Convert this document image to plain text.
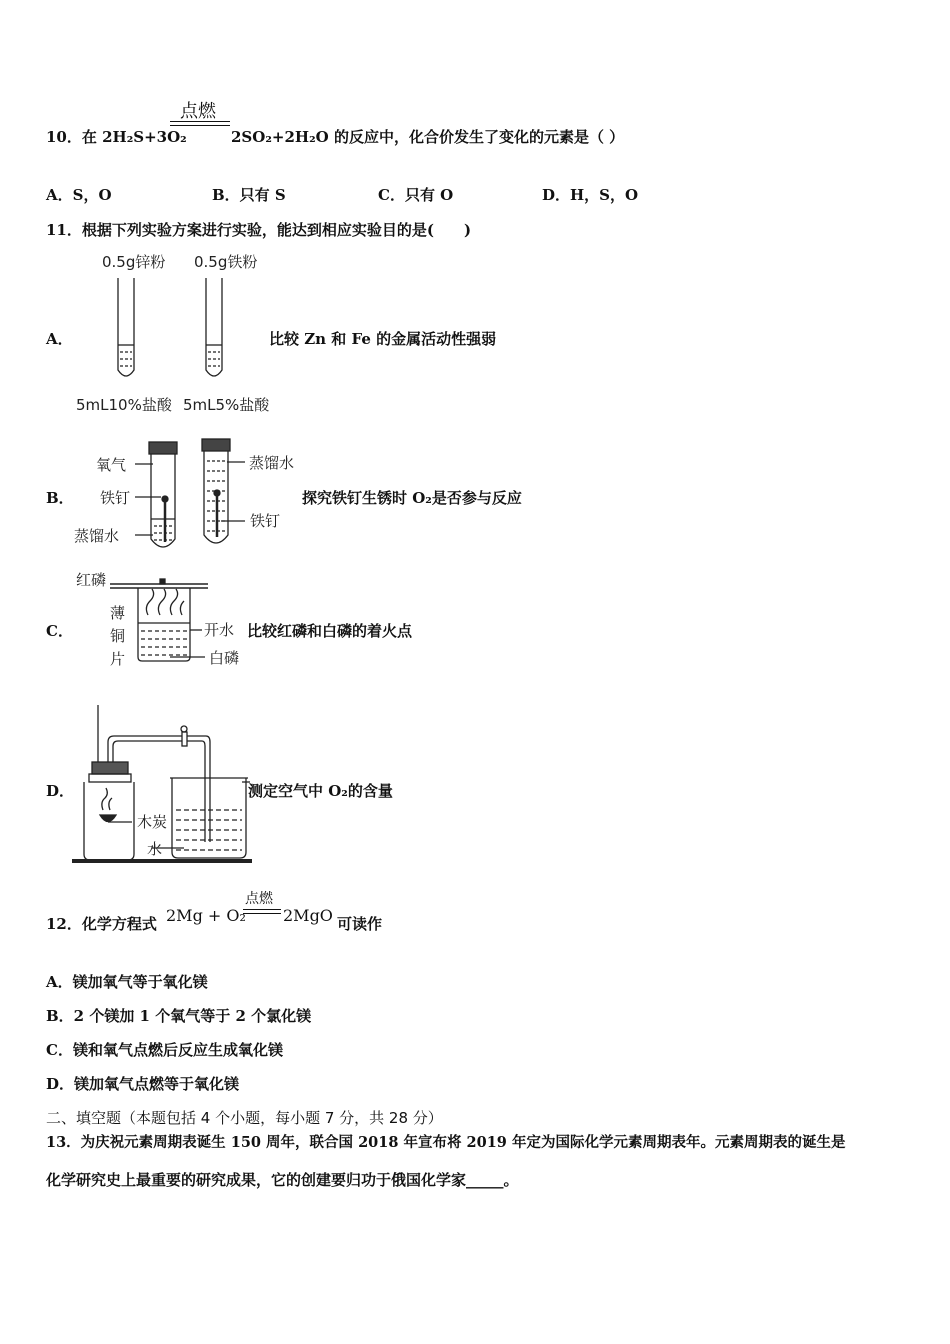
点燃
10．在 2H₂S+3O₂	2SO₂+2H₂O 的反应中，化合价发生了变化的元素是（ ）
A．S，O	B．只有 S	C．只有 O	D．H，S，O
11．根据下列实验方案进行实验，能达到相应实验目的是(　　)
0.5g锌粉 0.5g铁粉
A．	比较 Zn 和 Fe 的金属活动性强弱
5mL10%盐酸 5mL5%盐酸
氧气	蒸馏水
B． 铁钉	探究铁钉生锈时 O₂是否参与反应
铁钉
蒸馏水
红磷
薄
铜
片
C．	开水 比较红磷和白磷的着火点
白磷
D．	测定空气中 O₂的含量
木炭
水
12．化学方程式 2Mg + O₂
点燃
2MgO 可读作
A．镁加氧气等于氧化镁
B．2 个镁加 1 个氧气等于 2 个氯化镁
C．镁和氧气点燃后反应生成氧化镁
D．镁加氧气点燃等于氧化镁
二、填空题（本题包括 4 个小题，每小题 7 分，共 28 分）
13．为庆祝元素周期表诞生 150 周年，联合国 2018 年宣布将 2019 年定为国际化学元素周期表年。元素周期表的诞生是
化学研究史上最重要的研究成果，它的创建要归功于俄国化学家_____。
